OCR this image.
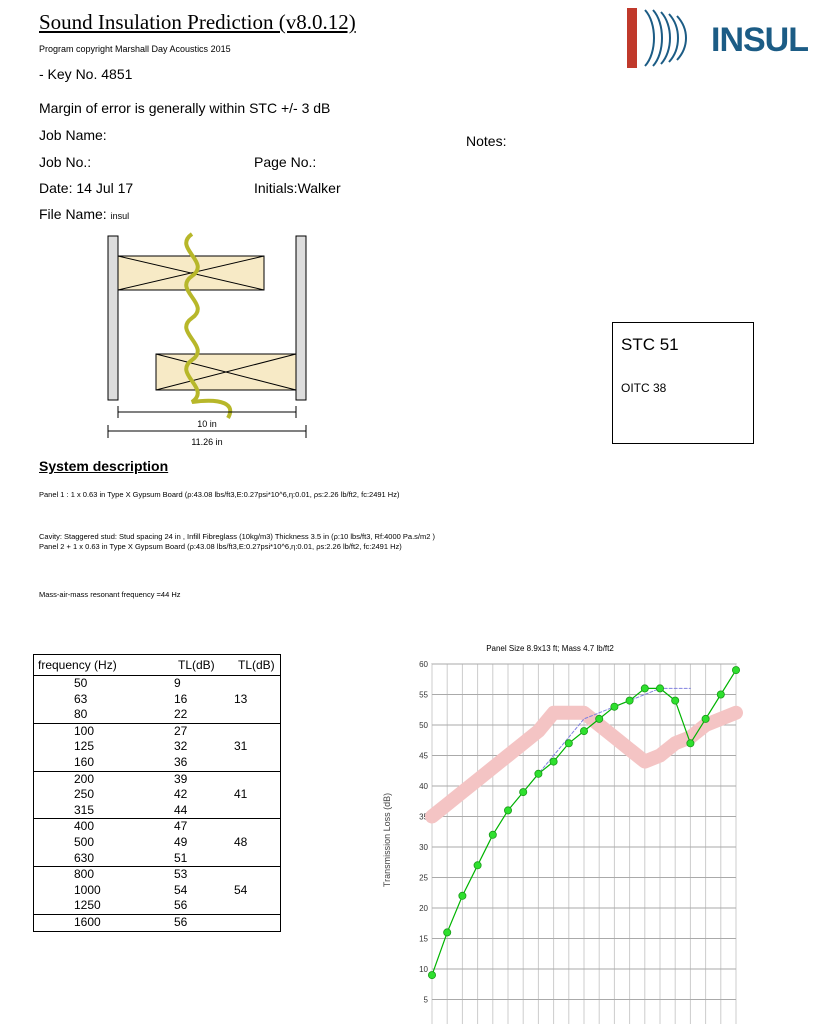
Sound Insulation Prediction (v8.0.12)
Program copyright Marshall Day Acoustics 2015
- Key No. 4851
Margin of error is generally within STC +/- 3 dB
Job Name:
Job No.:	Page No.:
Date: 14 Jul 17	Initials:Walker
File Name: insul
Notes:
INSUL
10 in
11.26 in
STC 51
OITC 38
System description
Panel 1 : 1 x 0.63 in Type X Gypsum Board (ρ:43.08 lbs/ft3,E:0.27psi*10^6,η:0.01, ρs:2.26 lb/ft2, fc:2491 Hz)
Cavity: Staggered stud: Stud spacing 24 in , Infill Fibreglass (10kg/m3) Thickness 3.5 in (ρ:10 lbs/ft3, Rf:4000 Pa.s/m2 )
Panel 2 + 1 x 0.63 in Type X Gypsum Board (ρ:43.08 lbs/ft3,E:0.27psi*10^6,η:0.01, ρs:2.26 lb/ft2, fc:2491 Hz)
Mass-air-mass resonant frequency =44 Hz
frequency (Hz)	TL(dB)	TL(dB)
50	9	
63	16	13
80	22	
100	27	
125	32	31
160	36	
200	39	
250	42	41
315	44	
400	47	
500	49	48
630	51	
800	53	
1000	54	54
1250	56	
1600	56	
Panel Size 8.9x13 ft; Mass 4.7 lb/ft2
Transmission Loss (dB)
5
10
15
20
25
30
35
40
45
50
55
60
